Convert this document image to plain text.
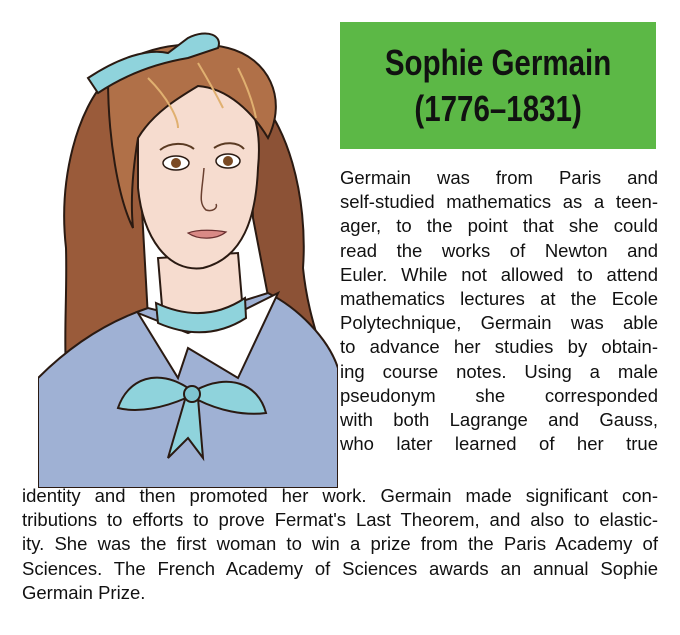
Sophie Germain
(1776–1831)
Germain was from Paris and
self-studied mathematics as a teen-
ager, to the point that she could
read the works of Newton and
Euler. While not allowed to attend
mathematics lectures at the Ecole
Polytechnique, Germain was able
to advance her studies by obtain-
ing course notes. Using a male
pseudonym she corresponded
with both Lagrange and Gauss,
who later learned of her true
identity and then promoted her work. Germain made significant con-
tributions to efforts to prove Fermat's Last Theorem, and also to elastic-
ity. She was the first woman to win a prize from the Paris Academy of
Sciences. The French Academy of Sciences awards an annual Sophie
Germain Prize.
